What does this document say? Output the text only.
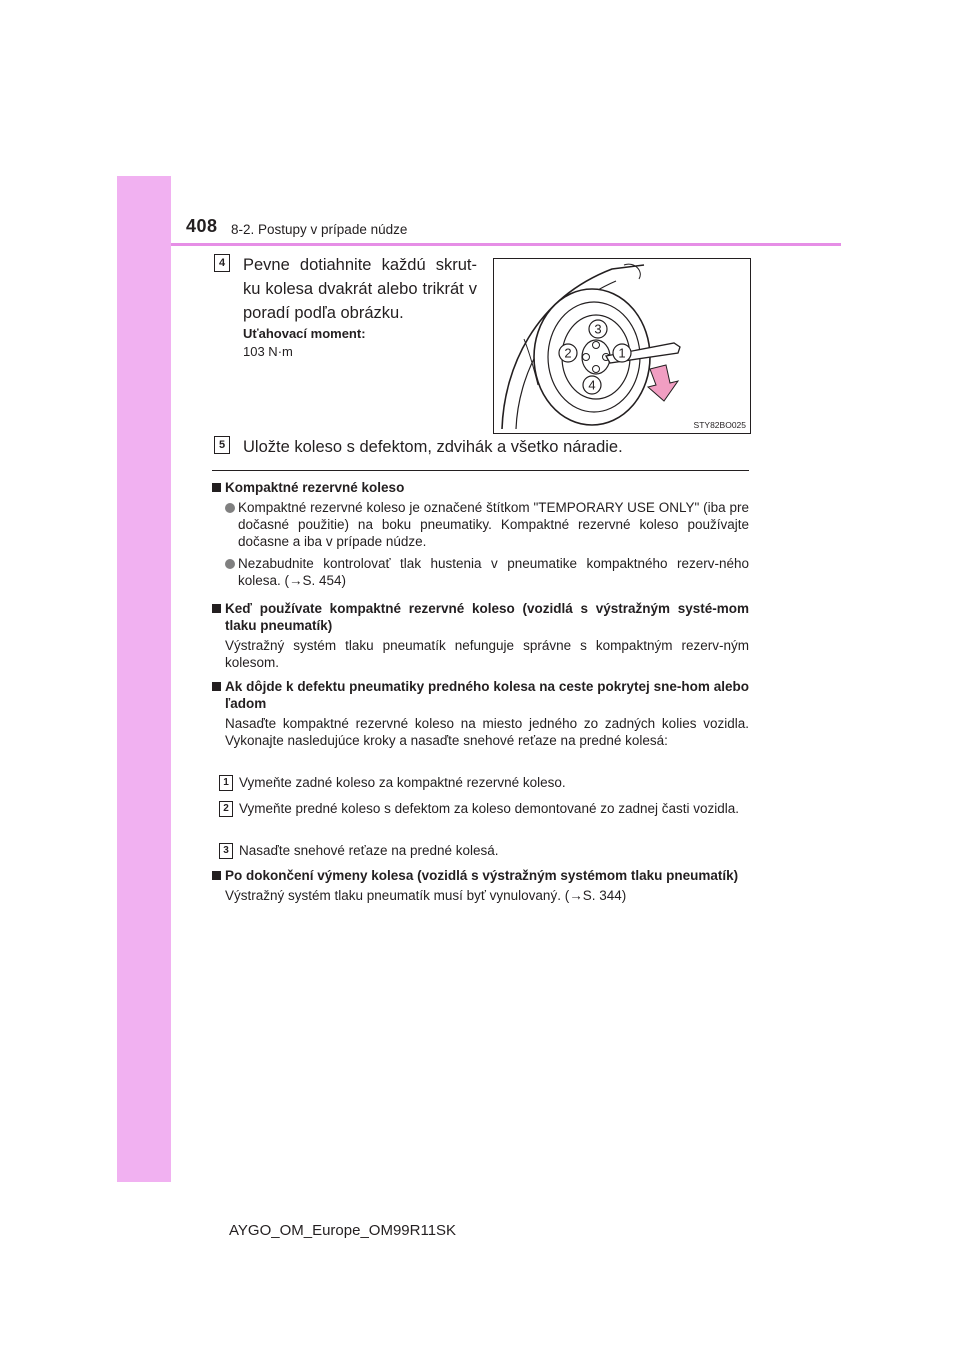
408 8-2. Postupy v prípade núdze
4 Pevne dotiahnite každú skrut-ku kolesa dvakrát alebo trikrát v poradí podľa obrázku.
Uťahovací moment:
103 N·m
3
2	1
4
STY82BO025
5 Uložte koleso s defektom, zdvihák a všetko náradie.
Kompaktné rezervné koleso
Kompaktné rezervné koleso je označené štítkom "TEMPORARY USE ONLY" (iba pre dočasné použitie) na boku pneumatiky. Kompaktné rezervné koleso používajte dočasne a iba v prípade núdze.
Nezabudnite kontrolovať tlak hustenia v pneumatike kompaktného rezerv-ného kolesa. (→S. 454)
Keď používate kompaktné rezervné koleso (vozidlá s výstražným systé-mom tlaku pneumatík)
Výstražný systém tlaku pneumatík nefunguje správne s kompaktným rezerv-ným kolesom.
Ak dôjde k defektu pneumatiky predného kolesa na ceste pokrytej sne-hom alebo ľadom
Nasaďte kompaktné rezervné koleso na miesto jedného zo zadných kolies vozidla. Vykonajte nasledujúce kroky a nasaďte snehové reťaze na predné kolesá:
1 Vymeňte zadné koleso za kompaktné rezervné koleso.
2 Vymeňte predné koleso s defektom za koleso demontované zo zadnej časti vozidla.
3 Nasaďte snehové reťaze na predné kolesá.
Po dokončení výmeny kolesa (vozidlá s výstražným systémom tlaku pneumatík)
Výstražný systém tlaku pneumatík musí byť vynulovaný. (→S. 344)
AYGO_OM_Europe_OM99R11SK
